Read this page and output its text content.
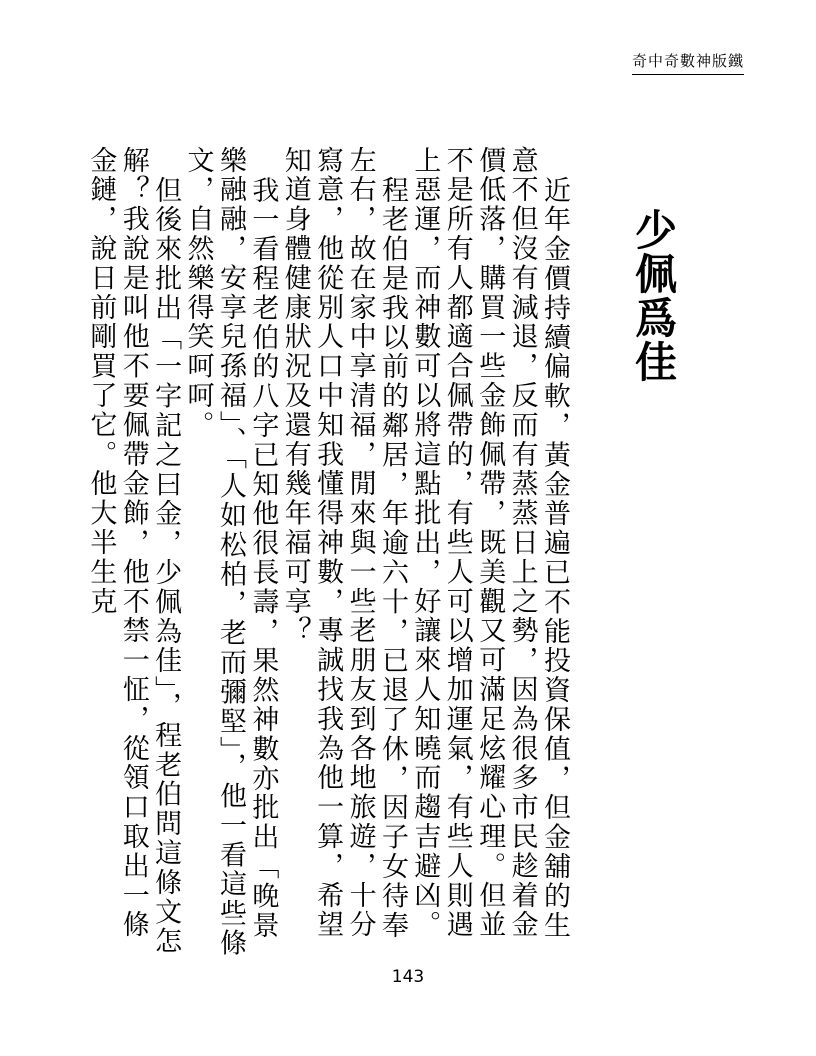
奇中奇數神版鐵
少佩爲佳

近年金價持續偏軟，黃金普遍已不能投資保值，但金舖的生意不但沒有減退，反而有蒸蒸日上之勢，因為很多市民趁着金價低落，購買一些金飾佩帶，既美觀又可滿足炫耀心理。但並不是所有人都適合佩帶的，有些人可以增加運氣，有些人則遇上惡運，而神數可以將這點批出，好讓來人知曉而趨吉避凶。

程老伯是我以前的鄰居，年逾六十，已退了休，因子女待奉左右，故在家中享清福，閒來與一些老朋友到各地旅遊，十分寫意，他從別人口中知我懂得神數，專誠找我為他一算，希望知道身體健康狀況及還有幾年福可享？

我一看程老伯的八字已知他很長壽，果然神數亦批出「晚景樂融融，安享兒孫福」、「人如松柏，老而彌堅」，他一看這些條文，自然樂得笑呵呵。

但後來批出「一字記之曰金，少佩為佳」，程老伯問這條文怎解？我說是叫他不要佩帶金飾，他不禁一怔，從領口取出一條金鏈，說日前剛買了它。他大半生克

143
